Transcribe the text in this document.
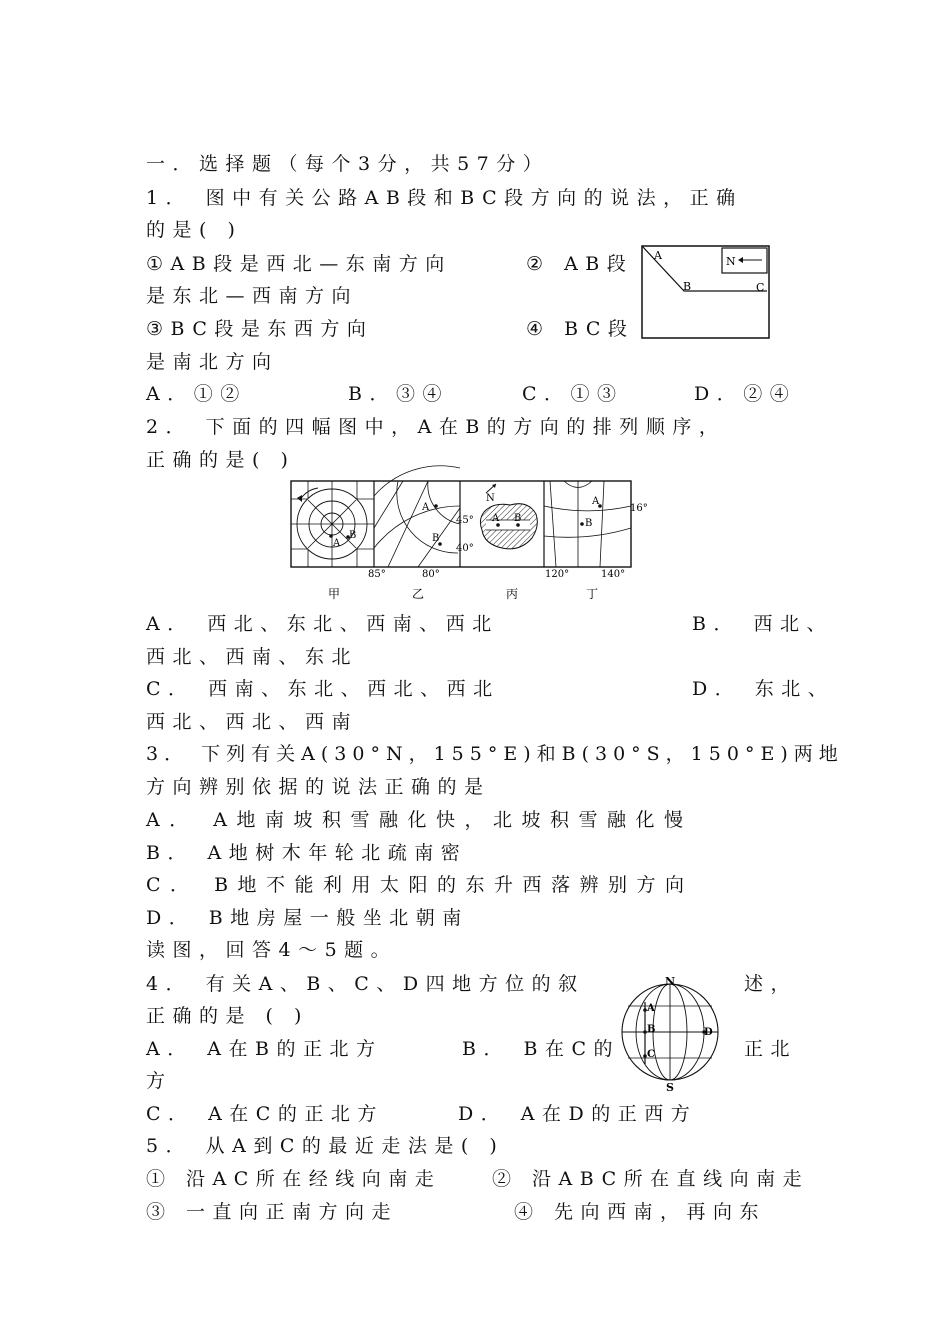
一．选择题（每个3分，共57分）
1． 图中有关公路AB段和BC段方向的说法，正确
的是( )
①AB段是西北—东南方向	② AB段
是东北—西南方向
③BC段是东西方向	④ BC段
是南北方向
A．①②	B．③④	C．①③	D．②④
N
A
B	C
2． 下面的四幅图中，A在B的方向的排列顺序，
正确的是( )
A
B
A
B
45°
40°
A B
N	A
B
16°
85°	80°	120°	140°
甲	乙	丙	丁
A． 西北、东北、西南、西北	B． 西北、
西北、西南、东北
C． 西南、东北、西北、西北	D． 东北、
西北、西北、西南
3． 下列有关A(30°N，155°E)和B(30°S，150°E)两地
方向辨别依据的说法正确的是
A． A地南坡积雪融化快，北坡积雪融化慢
B． A地树木年轮北疏南密
C． B地不能利用太阳的东升西落辨别方向
D． B地房屋一般坐北朝南
读图，回答4～5题。
4． 有关A、B、C、D四地方位的叙	述，
正确的是 ( )
A． A在B的正北方	B． B在C的	正北
方
C． A在C的正北方	D． A在D的正西方
N
S
A
B
C
D
5． 从A到C的最近走法是( )
① 沿AC所在经线向南走	② 沿ABC所在直线向南走
③ 一直向正南方向走	④ 先向西南，再向东
